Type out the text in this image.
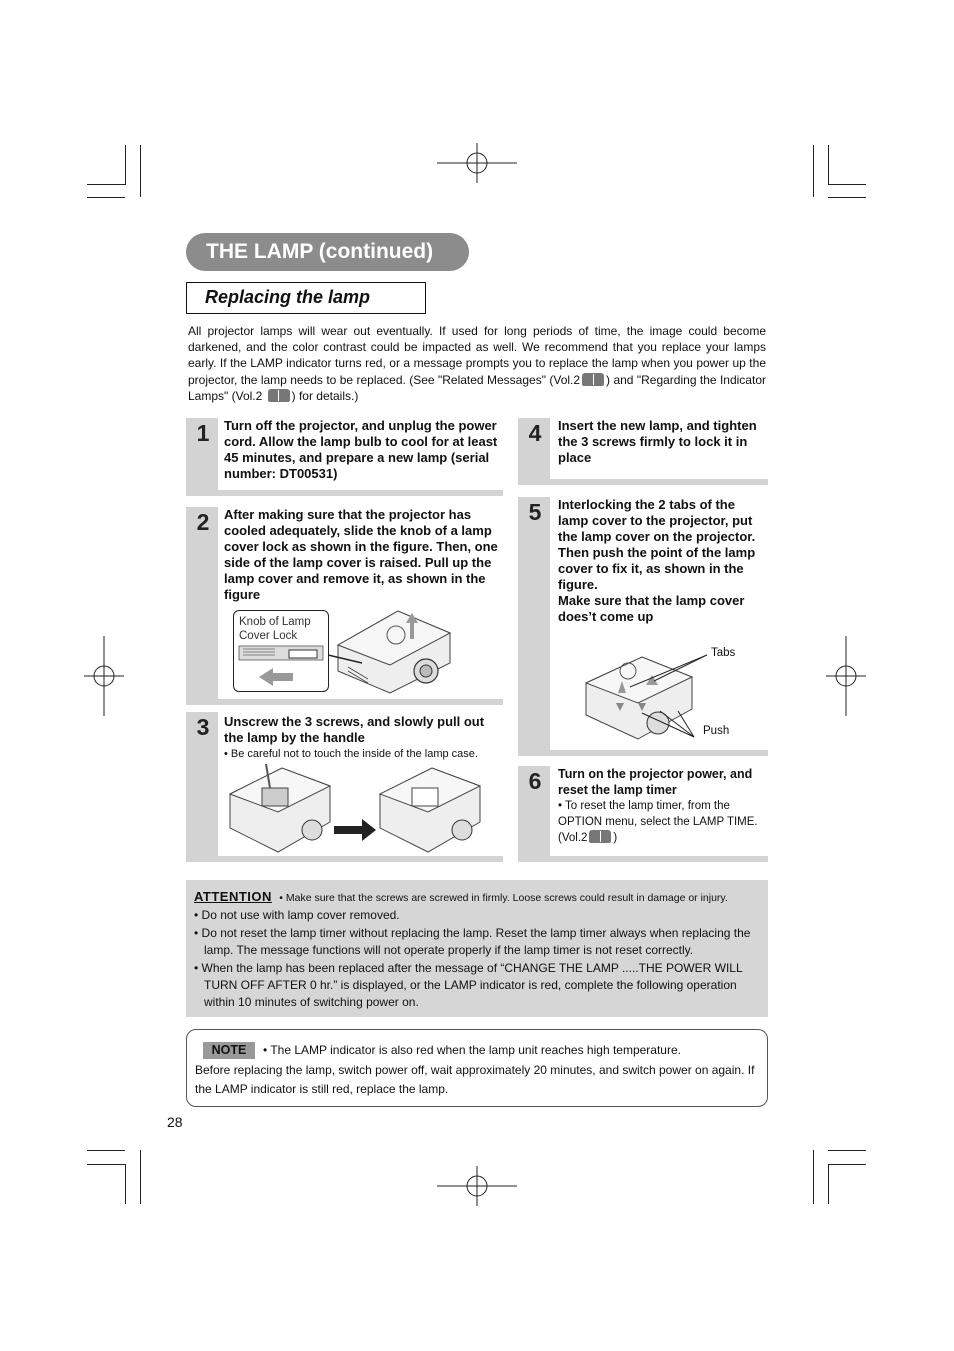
THE LAMP (continued)
Replacing the lamp
All projector lamps will wear out eventually. If used for long periods of time, the image could become darkened, and the color contrast could be impacted as well. We recommend that you replace your lamps early. If the LAMP indicator turns red, or a message prompts you to replace the lamp when you power up the projector, the lamp needs to be replaced. (See "Related Messages" (Vol.2 ) and "Regarding the Indicator Lamps" (Vol.2 ) for details.)
1	Turn off the projector, and unplug the power cord. Allow the lamp bulb to cool for at least 45 minutes, and prepare a new lamp (serial number: DT00531)
2	After making sure that the projector has cooled adequately, slide the knob of a lamp cover lock as shown in the figure. Then, one side of the lamp cover is raised. Pull up the lamp cover and remove it, as shown in the figure
Knob of Lamp Cover Lock
3	Unscrew the 3 screws, and slowly pull out the lamp by the handle
• Be careful not to touch the inside of the lamp case.
4	Insert the new lamp, and tighten the 3 screws firmly to lock it in place
5	Interlocking the 2 tabs of the lamp cover to the projector, put the lamp cover on the projector.
Then push the point of the lamp cover to fix it, as shown in the figure.
Make sure that the lamp cover does’t come up
Tabs
Push
6	Turn on the projector power, and reset the lamp timer
• To reset the lamp timer, from the OPTION menu, select the LAMP TIME. (Vol.2 )
ATTENTION • Make sure that the screws are screwed in firmly. Loose screws could result in damage or injury.
• Do not use with lamp cover removed.
• Do not reset the lamp timer without replacing the lamp. Reset the lamp timer always when replacing the lamp. The message functions will not operate properly if the lamp timer is not reset correctly.
• When the lamp has been replaced after the message of “CHANGE THE LAMP .....THE POWER WILL TURN OFF AFTER 0 hr.” is displayed, or the LAMP indicator is red, complete the following operation within 10 minutes of switching power on.
NOTE • The LAMP indicator is also red when the lamp unit reaches high temperature.
Before replacing the lamp, switch power off, wait approximately 20 minutes, and switch power on again. If the LAMP indicator is still red, replace the lamp.
28
